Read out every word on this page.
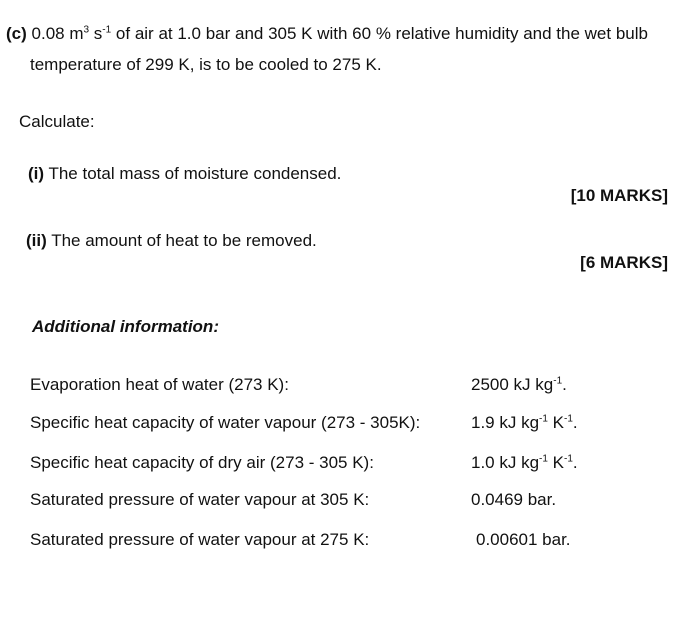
(c) 0.08 $m^3$ $s^{-1}$ of air at 1.0 bar and 305 K with 60 % relative humidity and the wet bulb
temperature of 299 K, is to be cooled to 275 K.
Calculate:
(i) The total mass of moisture condensed.
[10 MARKS]
(ii) The amount of heat to be removed.
[6 MARKS]
Additional information:
Evaporation heat of water (273 K):	2500 kJ $kg^{-1}$.
Specific heat capacity of water vapour (273 - 305K):	1.9 kJ $kg^{-1}$ $K^{-1}$.
Specific heat capacity of dry air (273 - 305 K):	1.0 kJ $kg^{-1}$ $K^{-1}$.
Saturated pressure of water vapour at 305 K:	0.0469 bar.
Saturated pressure of water vapour at 275 K:	0.00601 bar.
